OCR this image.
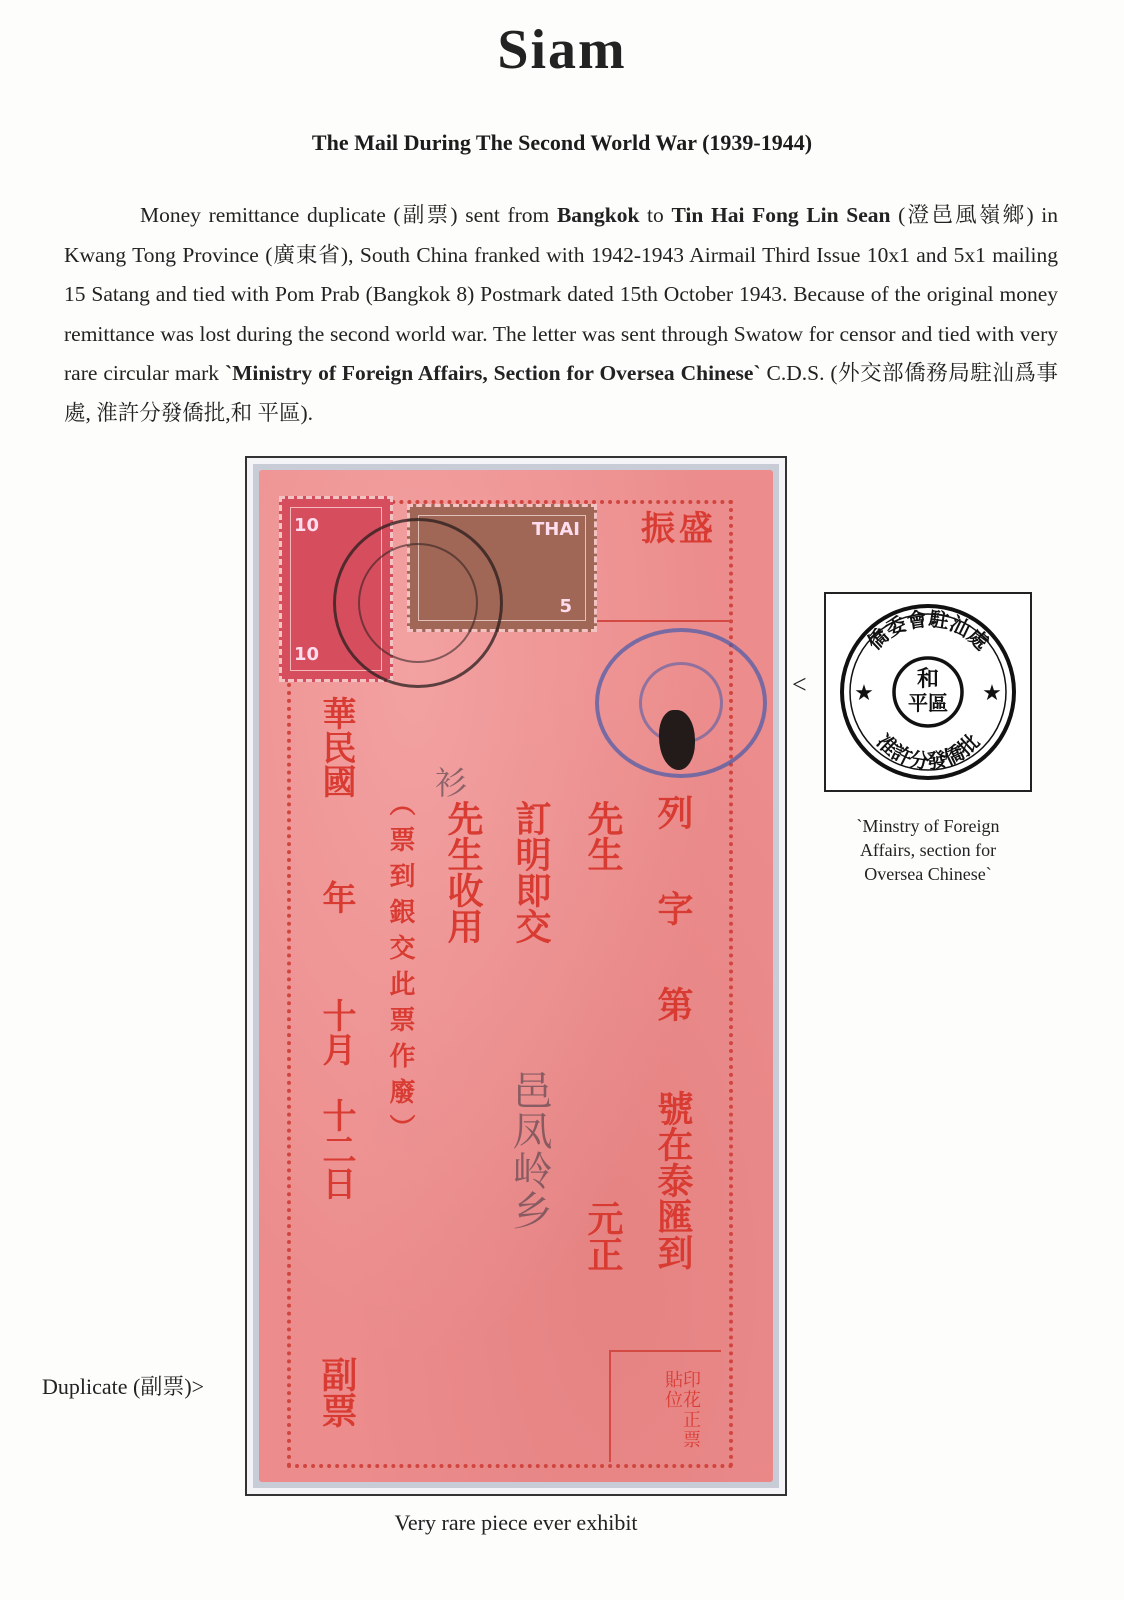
Siam
The Mail During The Second World War (1939-1944)

Money remittance duplicate (副票) sent from Bangkok to Tin Hai Fong Lin Sean (澄邑風嶺鄉) in Kwang Tong Province (廣東省), South China franked with 1942-1943 Airmail Third Issue 10x1 and 5x1 mailing 15 Satang and tied with Pom Prab (Bangkok 8) Postmark dated 15th October 1943. Because of the original money remittance was lost during the second world war. The letter was sent through Swatow for censor and tied with very rare circular mark `Ministry of Foreign Affairs, Section for Oversea Chinese` C.D.S. (外交部僑務局駐汕爲事處, 淮許分發僑批,和 平區).

10
10
THAI
5
振盛
華民國
年
十月
十二日 （票到銀交此票作廢） 先生收用 訂明即交 先生 列字第
號在泰匯到
元正
副票
衫
邑凤岭乡
印花正票貼位
<
僑委會駐汕處
准許分發僑批
和
平區
★	★
`Minstry of Foreign Affairs, section for Oversea Chinese`
Duplicate (副票)>
Very rare piece ever exhibit
